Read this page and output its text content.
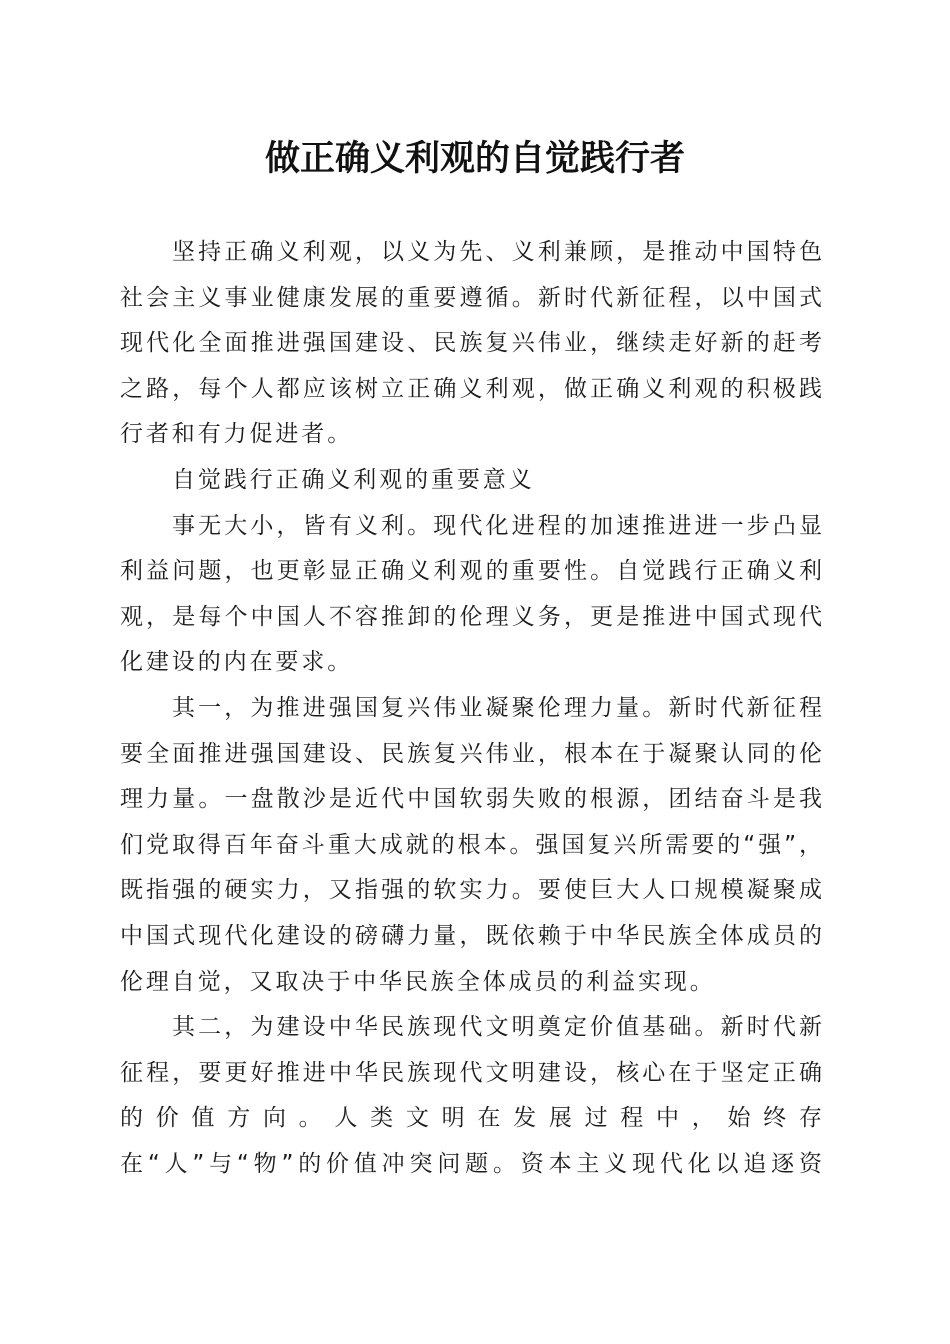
做正确义利观的自觉践行者
坚持正确义利观，以义为先、义利兼顾，是推动中国特色
社会主义事业健康发展的重要遵循。新时代新征程，以中国式
现代化全面推进强国建设、民族复兴伟业，继续走好新的赶考
之路，每个人都应该树立正确义利观，做正确义利观的积极践
行者和有力促进者。
自觉践行正确义利观的重要意义
事无大小，皆有义利。现代化进程的加速推进进一步凸显
利益问题，也更彰显正确义利观的重要性。自觉践行正确义利
观，是每个中国人不容推卸的伦理义务，更是推进中国式现代
化建设的内在要求。
其一，为推进强国复兴伟业凝聚伦理力量。新时代新征程
要全面推进强国建设、民族复兴伟业，根本在于凝聚认同的伦
理力量。一盘散沙是近代中国软弱失败的根源，团结奋斗是我
们党取得百年奋斗重大成就的根本。强国复兴所需要的“强”，
既指强的硬实力，又指强的软实力。要使巨大人口规模凝聚成
中国式现代化建设的磅礴力量，既依赖于中华民族全体成员的
伦理自觉，又取决于中华民族全体成员的利益实现。
其二，为建设中华民族现代文明奠定价值基础。新时代新
征程，要更好推进中华民族现代文明建设，核心在于坚定正确
的 价 值 方 向 。 人 类 文 明 在 发 展 过 程 中 ， 始 终 存
在“人”与“物”的价值冲突问题。资本主义现代化以追逐资
